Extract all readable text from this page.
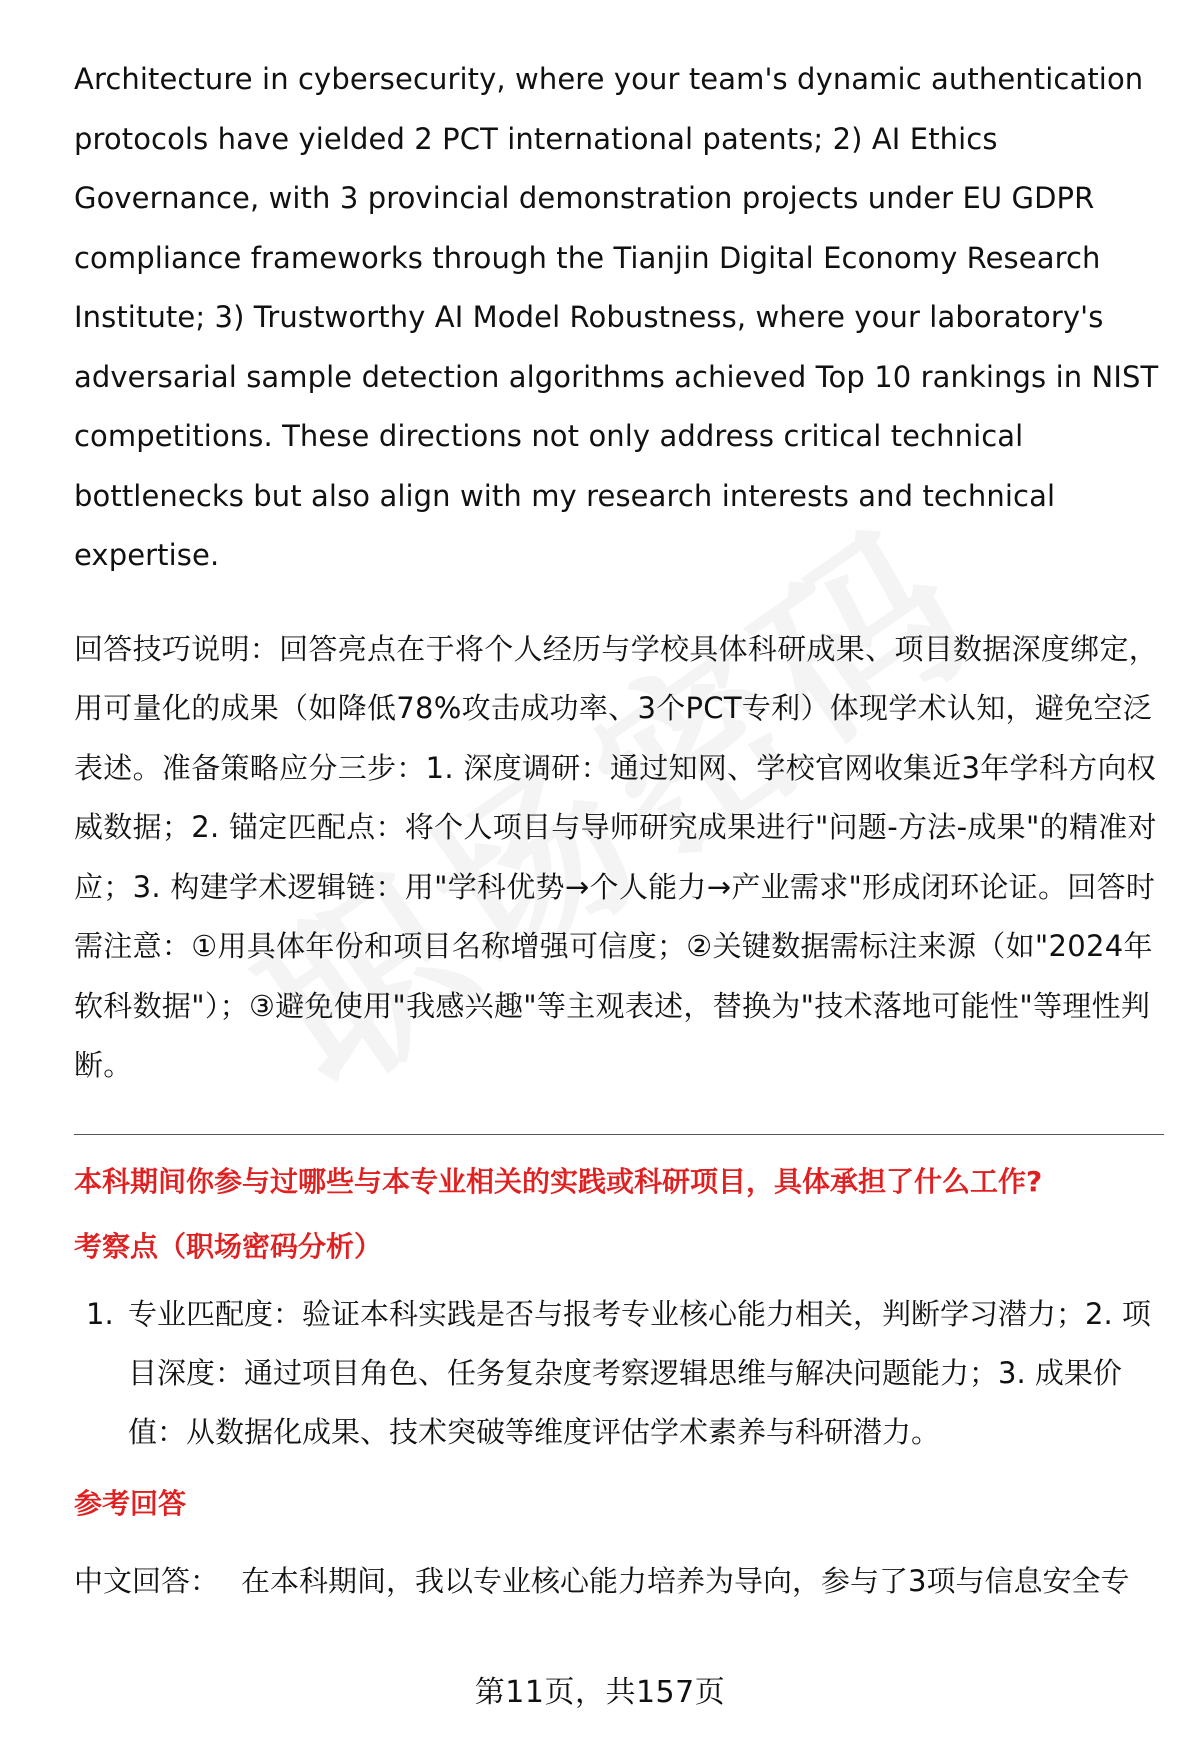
Architecture in cybersecurity, where your team's dynamic authentication protocols have yielded 2 PCT international patents; 2) AI Ethics Governance, with 3 provincial demonstration projects under EU GDPR compliance frameworks through the Tianjin Digital Economy Research Institute; 3) Trustworthy AI Model Robustness, where your laboratory's adversarial sample detection algorithms achieved Top 10 rankings in NIST competitions. These directions not only address critical technical bottlenecks but also align with my research interests and technical expertise.

回答技巧说明：回答亮点在于将个人经历与学校具体科研成果、项目数据深度绑定，用可量化的成果（如降低78%攻击成功率、3个PCT专利）体现学术认知，避免空泛表述。准备策略应分三步：1. 深度调研：通过知网、学校官网收集近3年学科方向权威数据；2. 锚定匹配点：将个人项目与导师研究成果进行"问题-方法-成果"的精准对应；3. 构建学术逻辑链：用"学科优势→个人能力→产业需求"形成闭环论证。回答时需注意：①用具体年份和项目名称增强可信度；②关键数据需标注来源（如"2024年软科数据"）；③避免使用"我感兴趣"等主观表述，替换为"技术落地可能性"等理性判断。

本科期间你参与过哪些与本专业相关的实践或科研项目，具体承担了什么工作?

考察点（职场密码分析）

1. 专业匹配度：验证本科实践是否与报考专业核心能力相关，判断学习潜力；2. 项目深度：通过项目角色、任务复杂度考察逻辑思维与解决问题能力；3. 成果价值：从数据化成果、技术突破等维度评估学术素养与科研潜力。

参考回答

中文回答： 在本科期间，我以专业核心能力培养为导向，参与了3项与信息安全专
第11页，共157页
